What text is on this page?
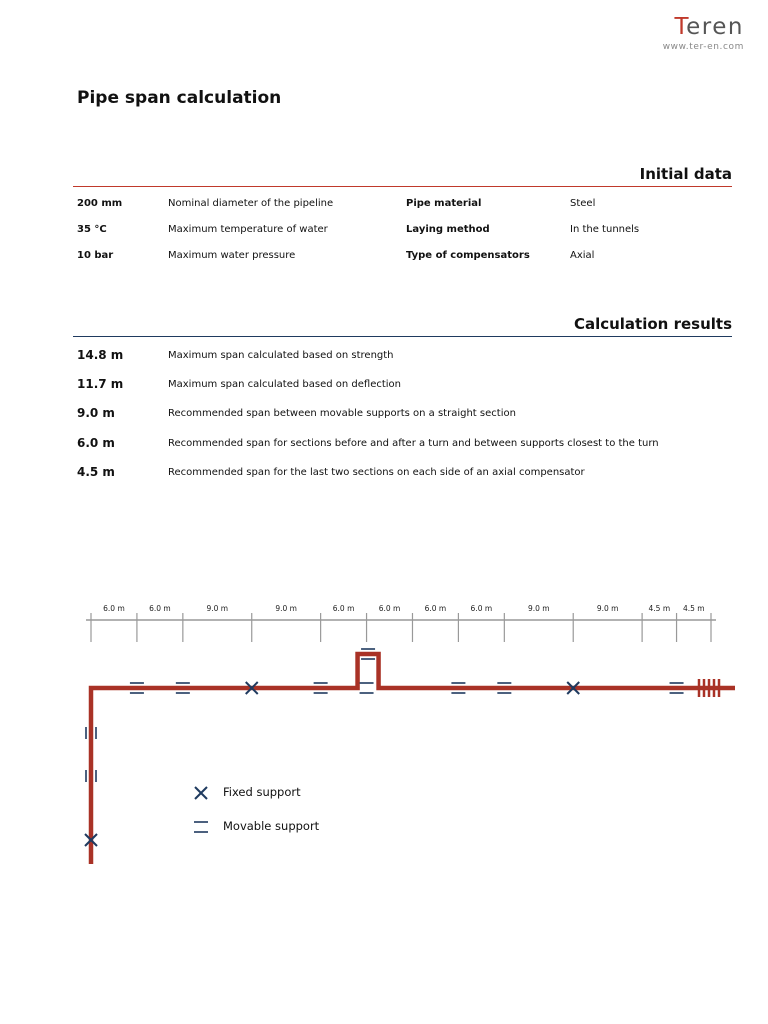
Teren
www.ter-en.com
Pipe span calculation
Initial data
200 mm	Nominal diameter of the pipeline	Pipe material	Steel
35 °C	Maximum temperature of water	Laying method	In the tunnels
10 bar	Maximum water pressure	Type of compensators	Axial
Calculation results
14.8 m	Maximum span calculated based on strength
11.7 m	Maximum span calculated based on deflection
9.0 m	Recommended span between movable supports on a straight section
6.0 m	Recommended span for sections before and after a turn and between supports closest to the turn
4.5 m	Recommended span for the last two sections on each side of an axial compensator
6.0 m	6.0 m	9.0 m	9.0 m	6.0 m	6.0 m	6.0 m	6.0 m	9.0 m	9.0 m	4.5 m 4.5 m
Fixed support
Movable support
